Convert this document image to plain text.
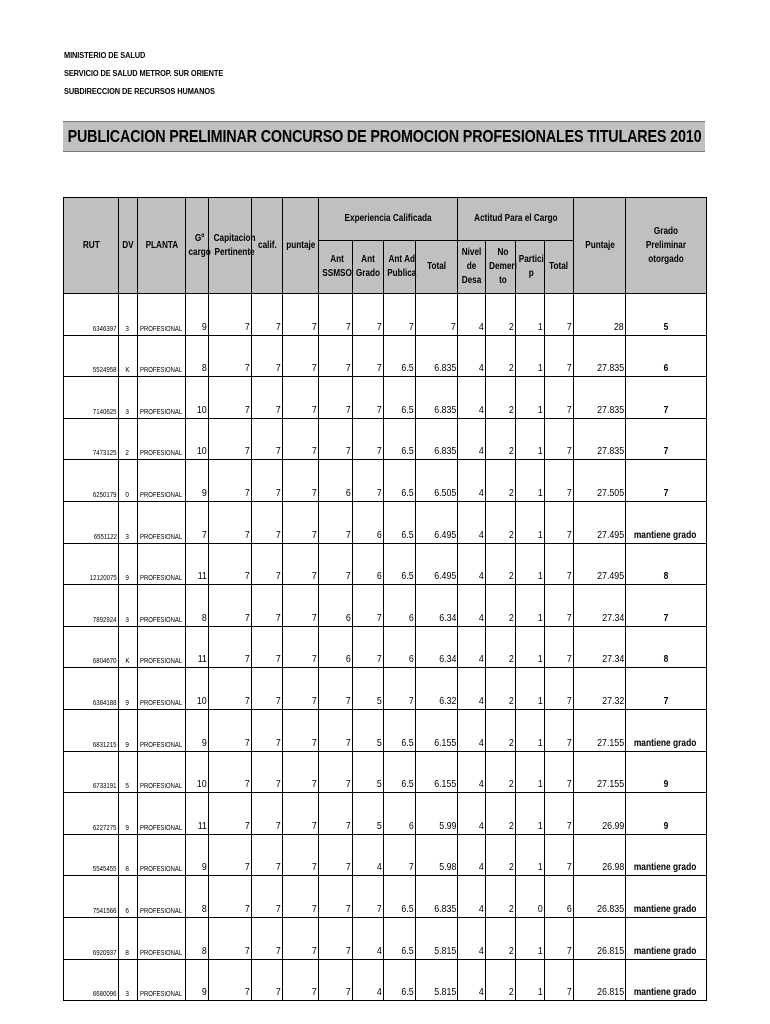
MINISTERIO DE SALUD
SERVICIO DE SALUD METROP. SUR ORIENTE
SUBDIRECCION DE RECURSOS HUMANOS
PUBLICACION PRELIMINAR CONCURSO DE PROMOCION PROFESIONALES TITULARES 2010
RUT	DV	PLANTA	Gº cargo	Capitacion Pertinente	calif.	puntaje	Experiencia Calificada				Actitud Para el Cargo				Puntaje	Grado Preliminar otorgado
							Ant SSMSO	Ant Grado	Ant Ad Publica	Total	Nivel de Desa	No Demeri to	Partici p	Total		
6346397	3	PROFESIONAL	9	7	7	7	7	7	7	7	4	2	1	7	28	5
5524958	K	PROFESIONAL	8	7	7	7	7	7	6.5	6.835	4	2	1	7	27.835	6
7140625	3	PROFESIONAL	10	7	7	7	7	7	6.5	6.835	4	2	1	7	27.835	7
7473125	2	PROFESIONAL	10	7	7	7	7	7	6.5	6.835	4	2	1	7	27.835	7
6250179	0	PROFESIONAL	9	7	7	7	6	7	6.5	6.505	4	2	1	7	27.505	7
6551122	3	PROFESIONAL	7	7	7	7	7	6	6.5	6.495	4	2	1	7	27.495	mantiene grado
12120075	9	PROFESIONAL	11	7	7	7	7	6	6.5	6.495	4	2	1	7	27.495	8
7892924	3	PROFESIONAL	8	7	7	7	6	7	6	6.34	4	2	1	7	27.34	7
6804670	K	PROFESIONAL	11	7	7	7	6	7	6	6.34	4	2	1	7	27.34	8
6384188	9	PROFESIONAL	10	7	7	7	7	5	7	6.32	4	2	1	7	27.32	7
6831215	9	PROFESIONAL	9	7	7	7	7	5	6.5	6.155	4	2	1	7	27.155	mantiene grado
6733191	5	PROFESIONAL	10	7	7	7	7	5	6.5	6.155	4	2	1	7	27.155	9
6227275	9	PROFESIONAL	11	7	7	7	7	5	6	5.99	4	2	1	7	26.99	9
5545455	8	PROFESIONAL	9	7	7	7	7	4	7	5.98	4	2	1	7	26.98	mantiene grado
7541566	6	PROFESIONAL	8	7	7	7	7	7	6.5	6.835	4	2	0	6	26.835	mantiene grado
6920937	8	PROFESIONAL	8	7	7	7	7	4	6.5	5.815	4	2	1	7	26.815	mantiene grado
6680096	3	PROFESIONAL	9	7	7	7	7	4	6.5	5.815	4	2	1	7	26.815	mantiene grado
